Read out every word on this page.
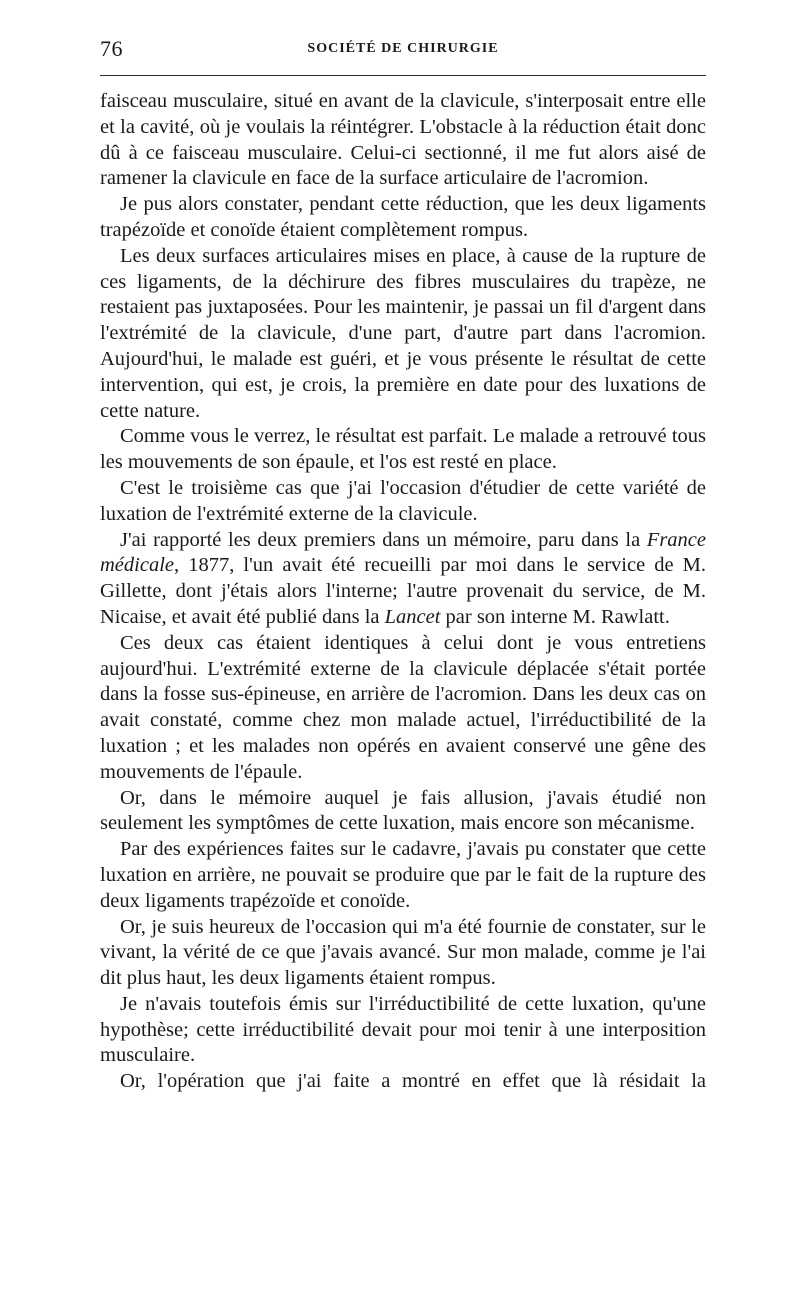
76	SOCIÉTÉ DE CHIRURGIE

faisceau musculaire, situé en avant de la clavicule, s'interposait entre elle et la cavité, où je voulais la réintégrer. L'obstacle à la réduction était donc dû à ce faisceau musculaire. Celui-ci sectionné, il me fut alors aisé de ramener la clavicule en face de la surface articulaire de l'acromion.

Je pus alors constater, pendant cette réduction, que les deux ligaments trapézoïde et conoïde étaient complètement rompus.

Les deux surfaces articulaires mises en place, à cause de la rupture de ces ligaments, de la déchirure des fibres musculaires du trapèze, ne restaient pas juxtaposées. Pour les maintenir, je passai un fil d'argent dans l'extrémité de la clavicule, d'une part, d'autre part dans l'acromion. Aujourd'hui, le malade est guéri, et je vous présente le résultat de cette intervention, qui est, je crois, la première en date pour des luxations de cette nature.

Comme vous le verrez, le résultat est parfait. Le malade a retrouvé tous les mouvements de son épaule, et l'os est resté en place.

C'est le troisième cas que j'ai l'occasion d'étudier de cette variété de luxation de l'extrémité externe de la clavicule.

J'ai rapporté les deux premiers dans un mémoire, paru dans la France médicale, 1877, l'un avait été recueilli par moi dans le service de M. Gillette, dont j'étais alors l'interne; l'autre provenait du service, de M. Nicaise, et avait été publié dans la Lancet par son interne M. Rawlatt.

Ces deux cas étaient identiques à celui dont je vous entretiens aujourd'hui. L'extrémité externe de la clavicule déplacée s'était portée dans la fosse sus-épineuse, en arrière de l'acromion. Dans les deux cas on avait constaté, comme chez mon malade actuel, l'irréductibilité de la luxation ; et les malades non opérés en avaient conservé une gêne des mouvements de l'épaule.

Or, dans le mémoire auquel je fais allusion, j'avais étudié non seulement les symptômes de cette luxation, mais encore son mécanisme.

Par des expériences faites sur le cadavre, j'avais pu constater que cette luxation en arrière, ne pouvait se produire que par le fait de la rupture des deux ligaments trapézoïde et conoïde.

Or, je suis heureux de l'occasion qui m'a été fournie de constater, sur le vivant, la vérité de ce que j'avais avancé. Sur mon malade, comme je l'ai dit plus haut, les deux ligaments étaient rompus.

Je n'avais toutefois émis sur l'irréductibilité de cette luxation, qu'une hypothèse; cette irréductibilité devait pour moi tenir à une interposition musculaire.

Or, l'opération que j'ai faite a montré en effet que là résidait la
